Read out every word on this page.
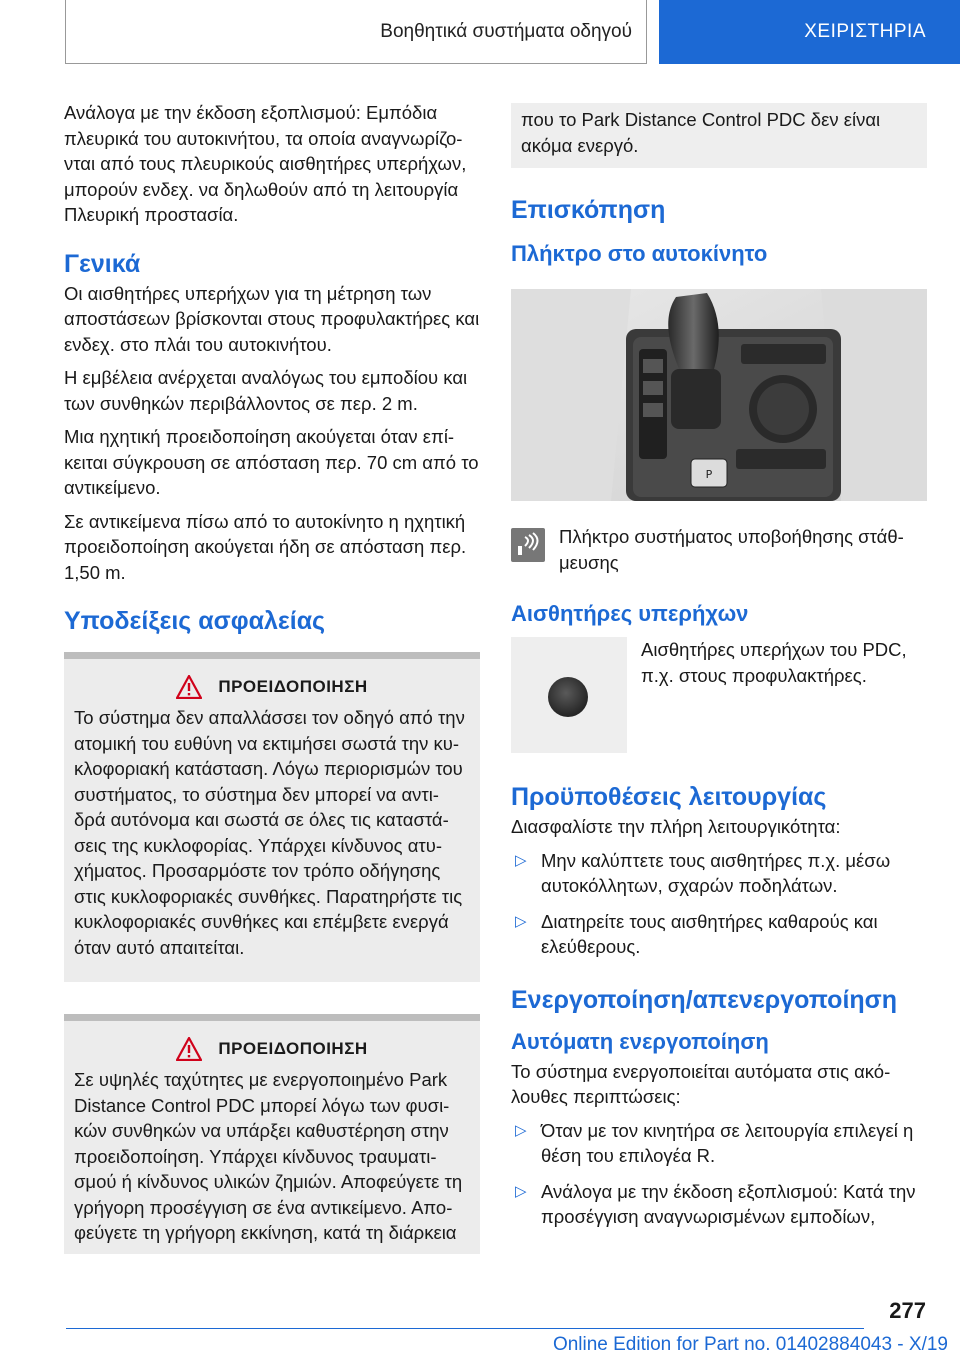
Βοηθητικά συστήματα οδηγού	ΧΕΙΡΙΣΤΗΡΙΑ

Ανάλογα με την έκδοση εξοπλισμού: Εμπόδια πλευρικά του αυτοκινήτου, τα οποία αναγνωρίζο-νται από τους πλευρικούς αισθητήρες υπερήχων, μπορούν ενδεχ. να δηλωθούν από τη λειτουργία Πλευρική προστασία.

Γενικά

Οι αισθητήρες υπερήχων για τη μέτρηση των αποστάσεων βρίσκονται στους προφυλακτήρες και ενδεχ. στο πλάι του αυτοκινήτου.

Η εμβέλεια ανέρχεται αναλόγως του εμποδίου και των συνθηκών περιβάλλοντος σε περ. 2 m.

Μια ηχητική προειδοποίηση ακούγεται όταν επί-κειται σύγκρουση σε απόσταση περ. 70 cm από το αντικείμενο.

Σε αντικείμενα πίσω από το αυτοκίνητο η ηχητική προειδοποίηση ακούγεται ήδη σε απόσταση περ. 1,50 m.

Υποδείξεις ασφαλείας
ΠΡΟΕΙΔΟΠΟΙΗΣΗ

Το σύστημα δεν απαλλάσσει τον οδηγό από την ατομική του ευθύνη να εκτιμήσει σωστά την κυ-κλοφοριακή κατάσταση. Λόγω περιορισμών του συστήματος, το σύστημα δεν μπορεί να αντι-δρά αυτόνομα και σωστά σε όλες τις καταστά-σεις της κυκλοφορίας. Υπάρχει κίνδυνος ατυ-χήματος. Προσαρμόστε τον τρόπο οδήγησης στις κυκλοφοριακές συνθήκες. Παρατηρήστε τις κυκλοφοριακές συνθήκες και επέμβετε ενεργά όταν αυτό απαιτείται.

ΠΡΟΕΙΔΟΠΟΙΗΣΗ

Σε υψηλές ταχύτητες με ενεργοποιημένο Park Distance Control PDC μπορεί λόγω των φυσι-κών συνθηκών να υπάρξει καθυστέρηση στην προειδοποίηση. Υπάρχει κίνδυνος τραυματι-σμού ή κίνδυνος υλικών ζημιών. Αποφεύγετε τη γρήγορη προσέγγιση σε ένα αντικείμενο. Απο-φεύγετε τη γρήγορη εκκίνηση, κατά τη διάρκεια

που το Park Distance Control PDC δεν είναι ακόμα ενεργό.

Επισκόπηση
Πλήκτρο στο αυτοκίνητο
P

Πλήκτρο συστήματος υποβοήθησης στάθ-μευσης

Αισθητήρες υπερήχων

Αισθητήρες υπερήχων του PDC, π.χ. στους προφυλακτήρες.

Προϋποθέσεις λειτουργίας

Διασφαλίστε την πλήρη λειτουργικότητα:

▷ Μην καλύπτετε τους αισθητήρες π.χ. μέσω αυτοκόλλητων, σχαρών ποδηλάτων.
▷ Διατηρείτε τους αισθητήρες καθαρούς και ελεύθερους.
Ενεργοποίηση/απενεργοποίηση
Αυτόματη ενεργοποίηση

Το σύστημα ενεργοποιείται αυτόματα στις ακό-λουθες περιπτώσεις:

▷ Όταν με τον κινητήρα σε λειτουργία επιλεγεί η θέση του επιλογέα R.
▷ Ανάλογα με την έκδοση εξοπλισμού: Κατά την προσέγγιση αναγνωρισμένων εμποδίων,
277
Online Edition for Part no. 01402884043 - X/19
